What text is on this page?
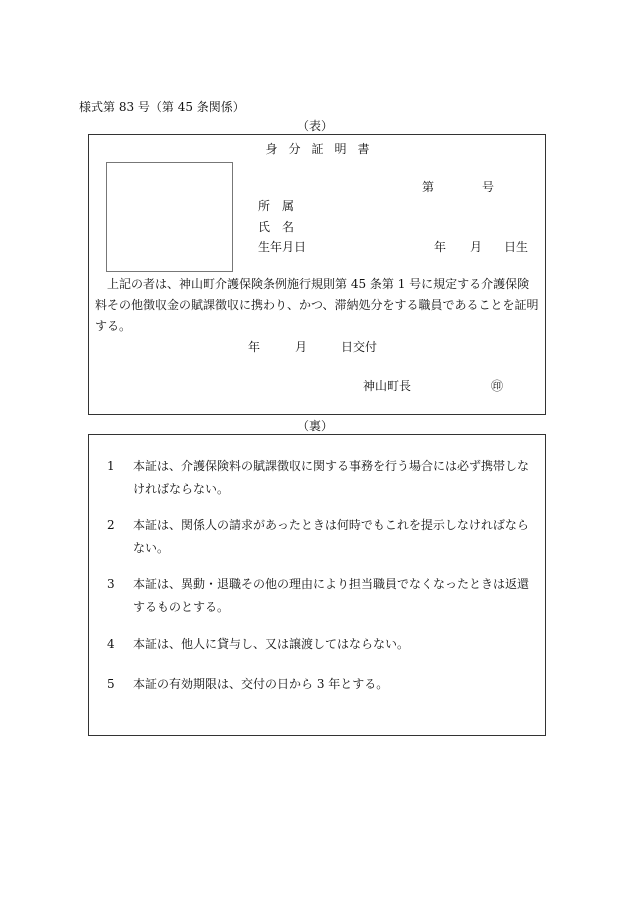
様式第 83 号（第 45 条関係）
（表）
身 分 証 明 書
第	号
所　属
氏　名
生年月日	年 月 日生

上記の者は、神山町介護保険条例施行規則第 45 条第 1 号に規定する介護保険料その他徴収金の賦課徴収に携わり、かつ、滞納処分をする職員であることを証明する。

年	月	日交付
神山町長	㊞
（裏）
1 本証は、介護保険料の賦課徴収に関する事務を行う場合には必ず携帯しなければならない。
2 本証は、関係人の請求があったときは何時でもこれを提示しなければならない。
3 本証は、異動・退職その他の理由により担当職員でなくなったときは返還するものとする。
4 本証は、他人に貸与し、又は譲渡してはならない。
5 本証の有効期限は、交付の日から 3 年とする。
